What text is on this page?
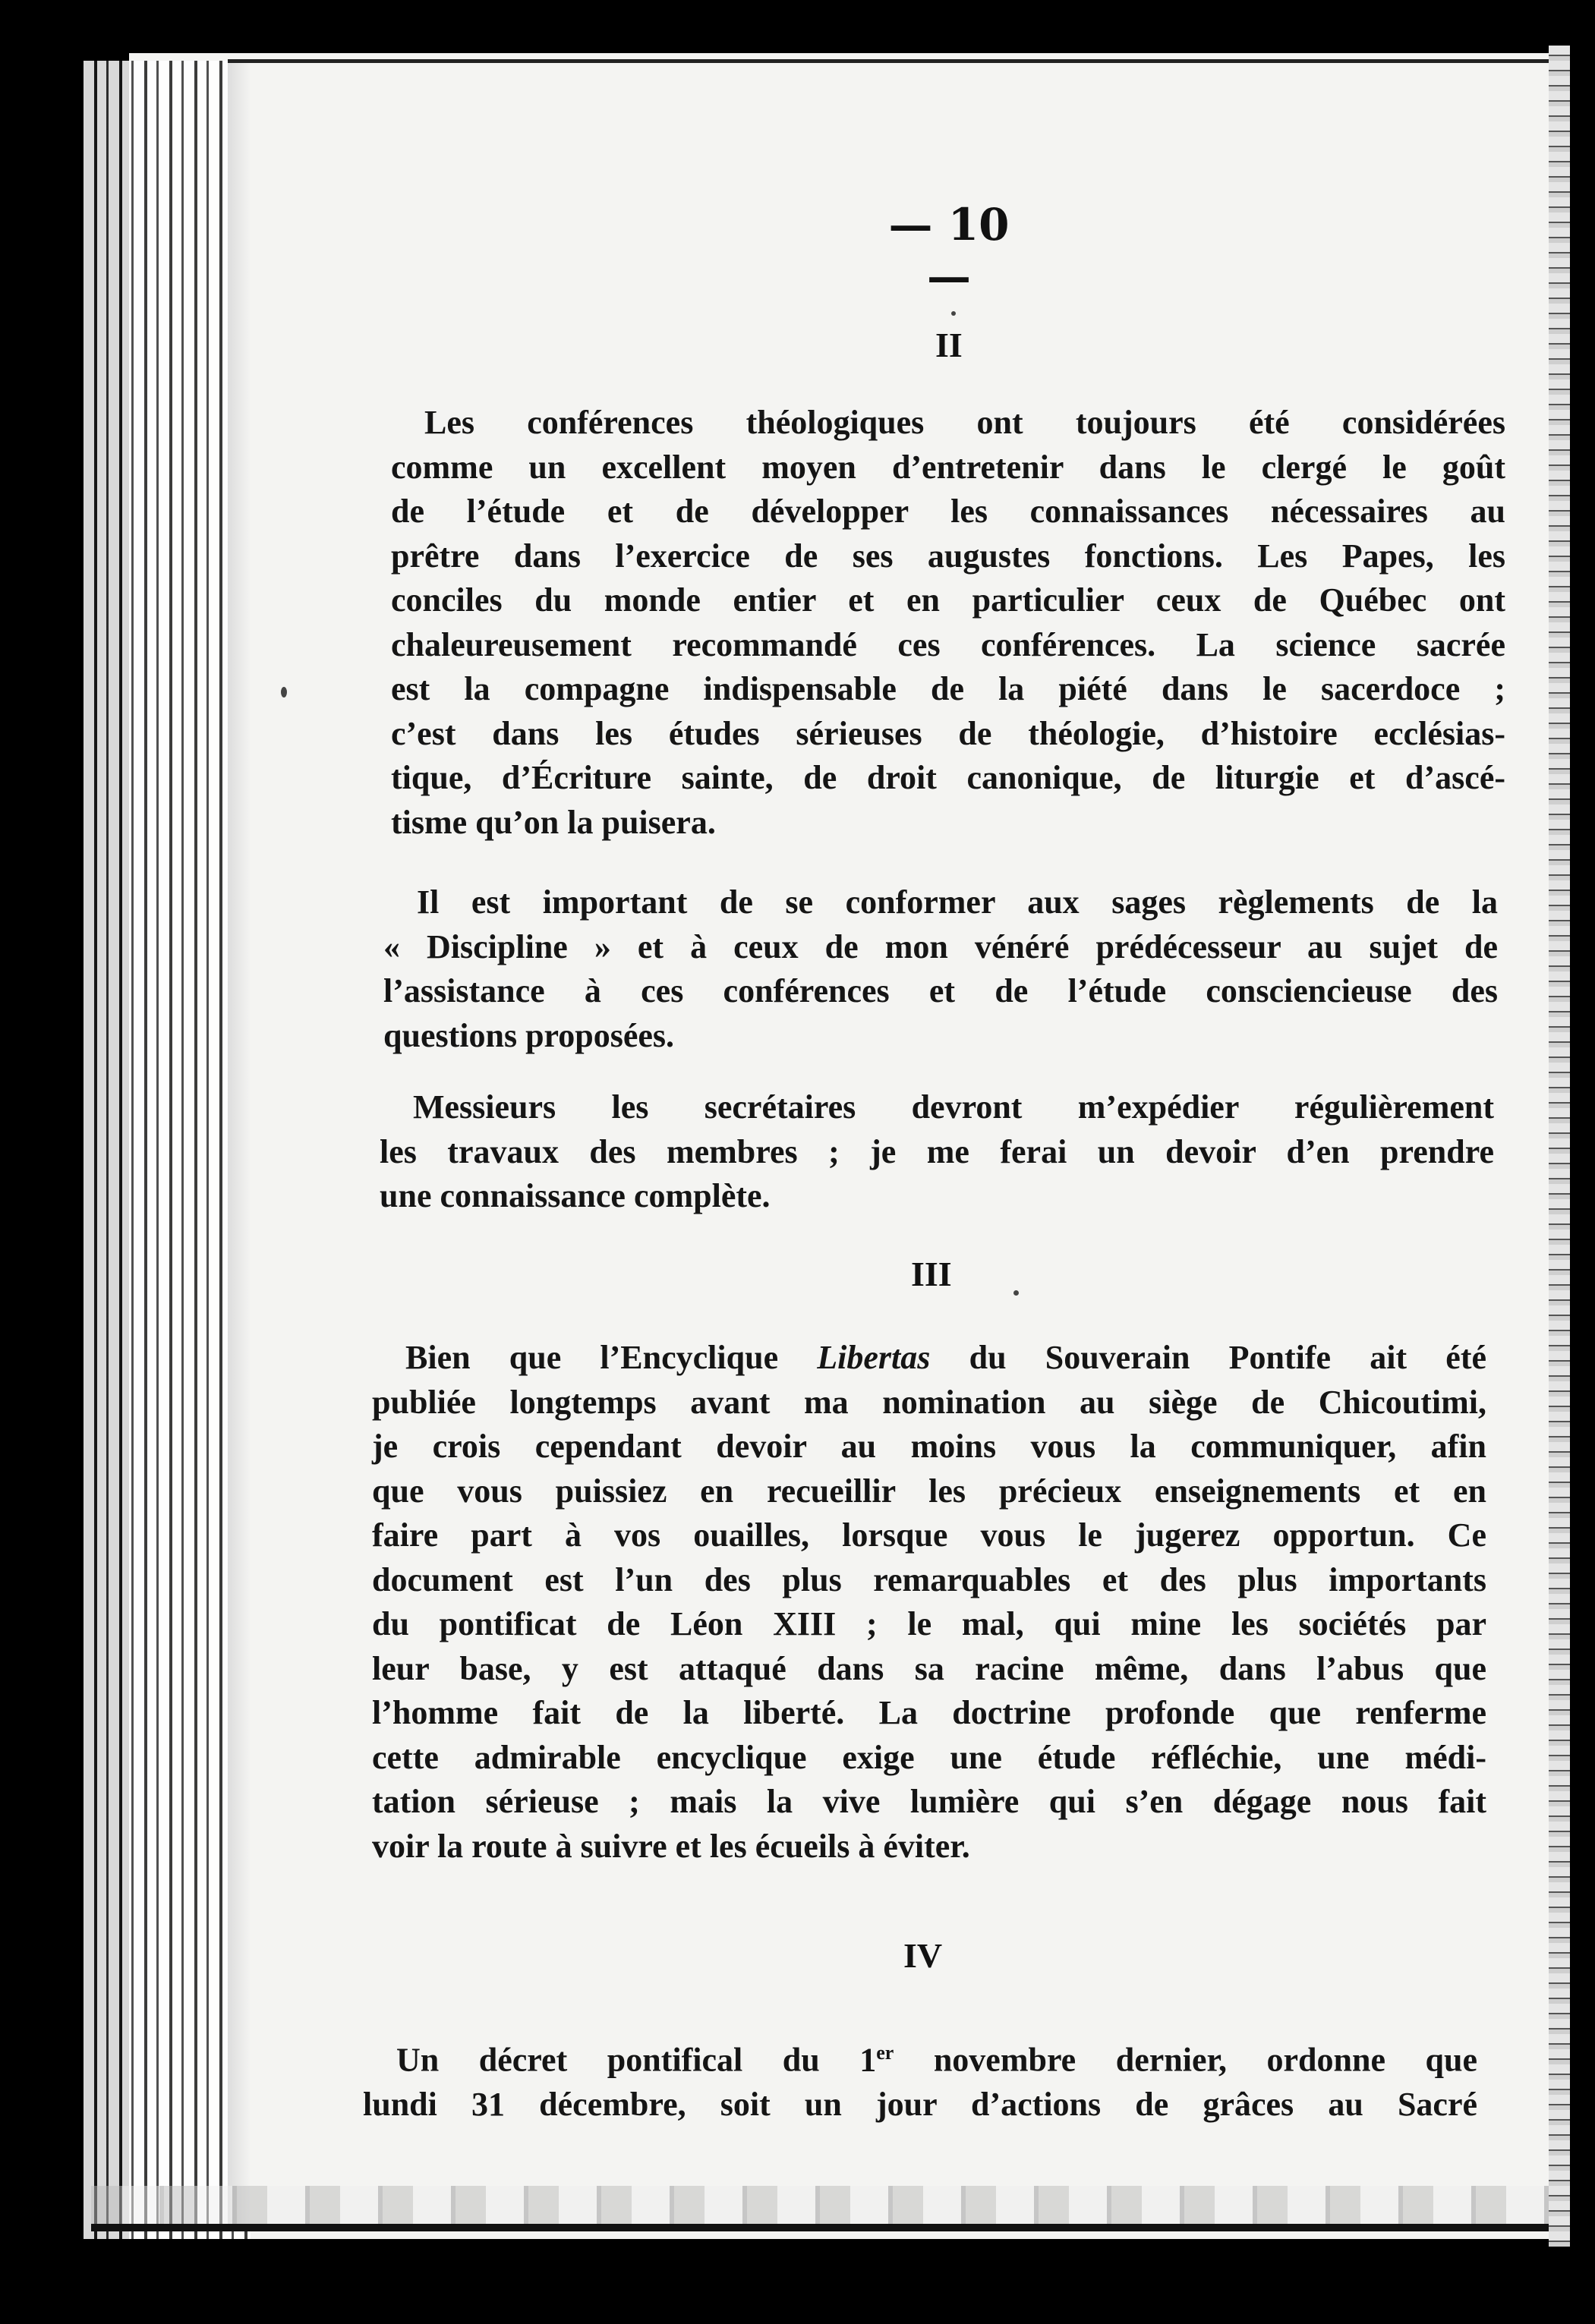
— 10 —
II
Les conférences théologiques ont toujours été considérées
comme un excellent moyen d’entretenir dans le clergé le goût
de l’étude et de développer les connaissances nécessaires au
prêtre dans l’exercice de ses augustes fonctions. Les Papes, les
conciles du monde entier et en particulier ceux de Québec ont
chaleureusement recommandé ces conférences. La science sacrée
est la compagne indispensable de la piété dans le sacerdoce ;
c’est dans les études sérieuses de théologie, d’histoire ecclésias-
tique, d’Écriture sainte, de droit canonique, de liturgie et d’ascé-
tisme qu’on la puisera.
Il est important de se conformer aux sages règlements de la
« Discipline » et à ceux de mon vénéré prédécesseur au sujet de
l’assistance à ces conférences et de l’étude consciencieuse des
questions proposées.
Messieurs les secrétaires devront m’expédier régulièrement
les travaux des membres ; je me ferai un devoir d’en prendre
une connaissance complète.
III
Bien que l’Encyclique Libertas du Souverain Pontife ait été
publiée longtemps avant ma nomination au siège de Chicoutimi,
je crois cependant devoir au moins vous la communiquer, afin
que vous puissiez en recueillir les précieux enseignements et en
faire part à vos ouailles, lorsque vous le jugerez opportun. Ce
document est l’un des plus remarquables et des plus importants
du pontificat de Léon XIII ; le mal, qui mine les sociétés par
leur base, y est attaqué dans sa racine même, dans l’abus que
l’homme fait de la liberté. La doctrine profonde que renferme
cette admirable encyclique exige une étude réfléchie, une médi-
tation sérieuse ; mais la vive lumière qui s’en dégage nous fait
voir la route à suivre et les écueils à éviter.
IV
Un décret pontifical du 1er novembre dernier, ordonne que
lundi 31 décembre, soit un jour d’actions de grâces au Sacré
